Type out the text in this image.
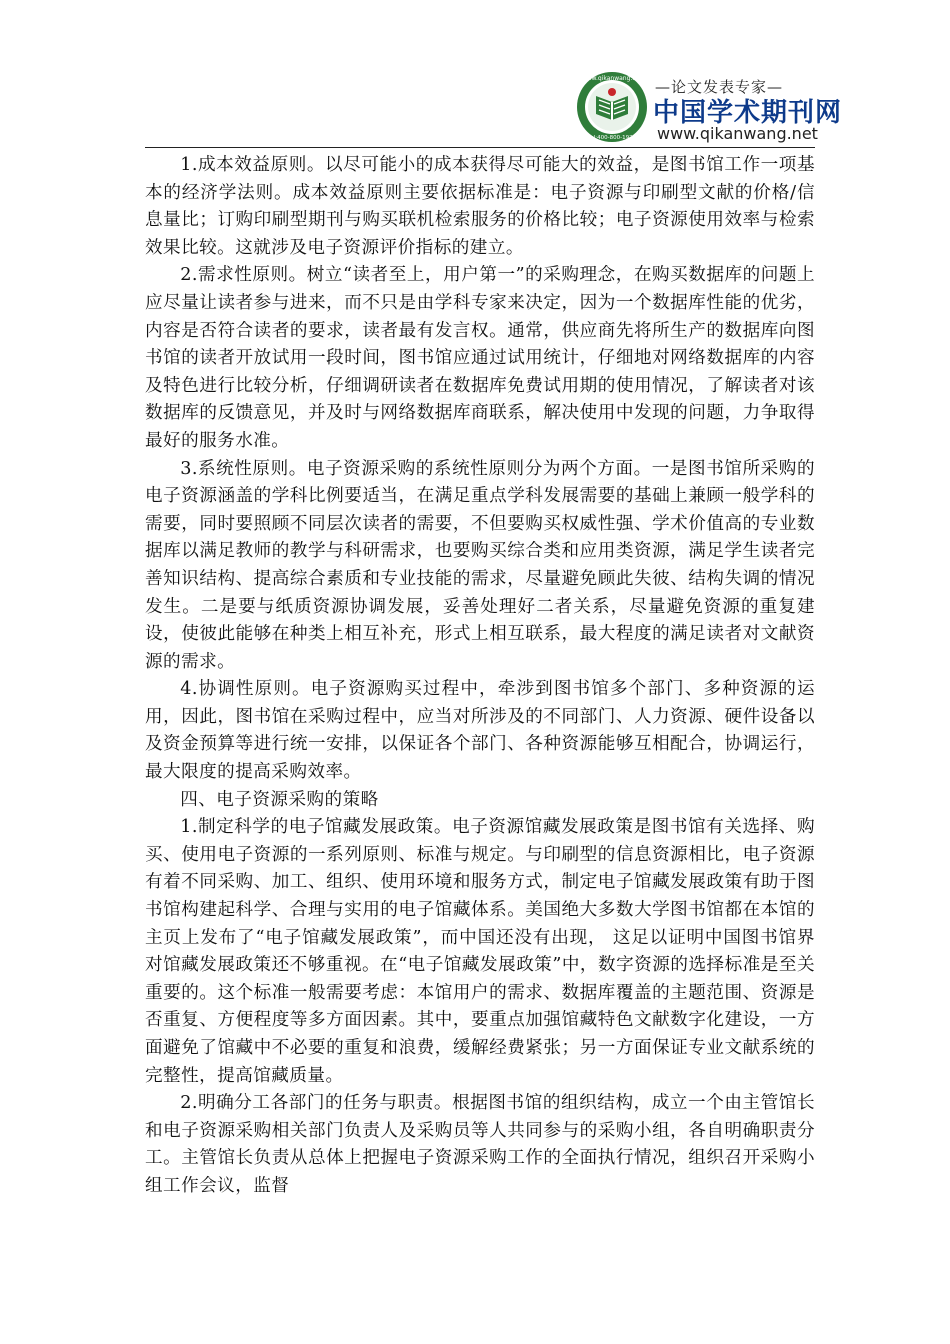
www.qikanwang.net
Tel:400-800-1922
—论文发表专家—
中国学术期刊网
www.qikanwang.net

1.成本效益原则。以尽可能小的成本获得尽可能大的效益，是图书馆工作一项基本的经济学法则。成本效益原则主要依据标准是：电子资源与印刷型文献的价格/信息量比；订购印刷型期刊与购买联机检索服务的价格比较；电子资源使用效率与检索效果比较。这就涉及电子资源评价指标的建立。

2.需求性原则。树立“读者至上，用户第一”的采购理念，在购买数据库的问题上应尽量让读者参与进来，而不只是由学科专家来决定，因为一个数据库性能的优劣，内容是否符合读者的要求，读者最有发言权。通常，供应商先将所生产的数据库向图书馆的读者开放试用一段时间，图书馆应通过试用统计，仔细地对网络数据库的内容及特色进行比较分析，仔细调研读者在数据库免费试用期的使用情况，了解读者对该数据库的反馈意见，并及时与网络数据库商联系，解决使用中发现的问题，力争取得最好的服务水准。

3.系统性原则。电子资源采购的系统性原则分为两个方面。一是图书馆所采购的电子资源涵盖的学科比例要适当，在满足重点学科发展需要的基础上兼顾一般学科的需要，同时要照顾不同层次读者的需要，不但要购买权威性强、学术价值高的专业数据库以满足教师的教学与科研需求，也要购买综合类和应用类资源，满足学生读者完善知识结构、提高综合素质和专业技能的需求，尽量避免顾此失彼、结构失调的情况发生。二是要与纸质资源协调发展，妥善处理好二者关系，尽量避免资源的重复建设，使彼此能够在种类上相互补充，形式上相互联系，最大程度的满足读者对文献资源的需求。

4.协调性原则。电子资源购买过程中，牵涉到图书馆多个部门、多种资源的运用，因此，图书馆在采购过程中，应当对所涉及的不同部门、人力资源、硬件设备以及资金预算等进行统一安排，以保证各个部门、各种资源能够互相配合，协调运行，最大限度的提高采购效率。

四、电子资源采购的策略

1.制定科学的电子馆藏发展政策。电子资源馆藏发展政策是图书馆有关选择、购买、使用电子资源的一系列原则、标准与规定。与印刷型的信息资源相比，电子资源有着不同采购、加工、组织、使用环境和服务方式，制定电子馆藏发展政策有助于图书馆构建起科学、合理与实用的电子馆藏体系。美国绝大多数大学图书馆都在本馆的主页上发布了“电子馆藏发展政策”，而中国还没有出现， 这足以证明中国图书馆界对馆藏发展政策还不够重视。在“电子馆藏发展政策”中，数字资源的选择标准是至关重要的。这个标准一般需要考虑：本馆用户的需求、数据库覆盖的主题范围、资源是否重复、方便程度等多方面因素。其中，要重点加强馆藏特色文献数字化建设，一方面避免了馆藏中不必要的重复和浪费，缓解经费紧张；另一方面保证专业文献系统的完整性，提高馆藏质量。

2.明确分工各部门的任务与职责。根据图书馆的组织结构，成立一个由主管馆长和电子资源采购相关部门负责人及采购员等人共同参与的采购小组，各自明确职责分工。主管馆长负责从总体上把握电子资源采购工作的全面执行情况，组织召开采购小组工作会议，监督
